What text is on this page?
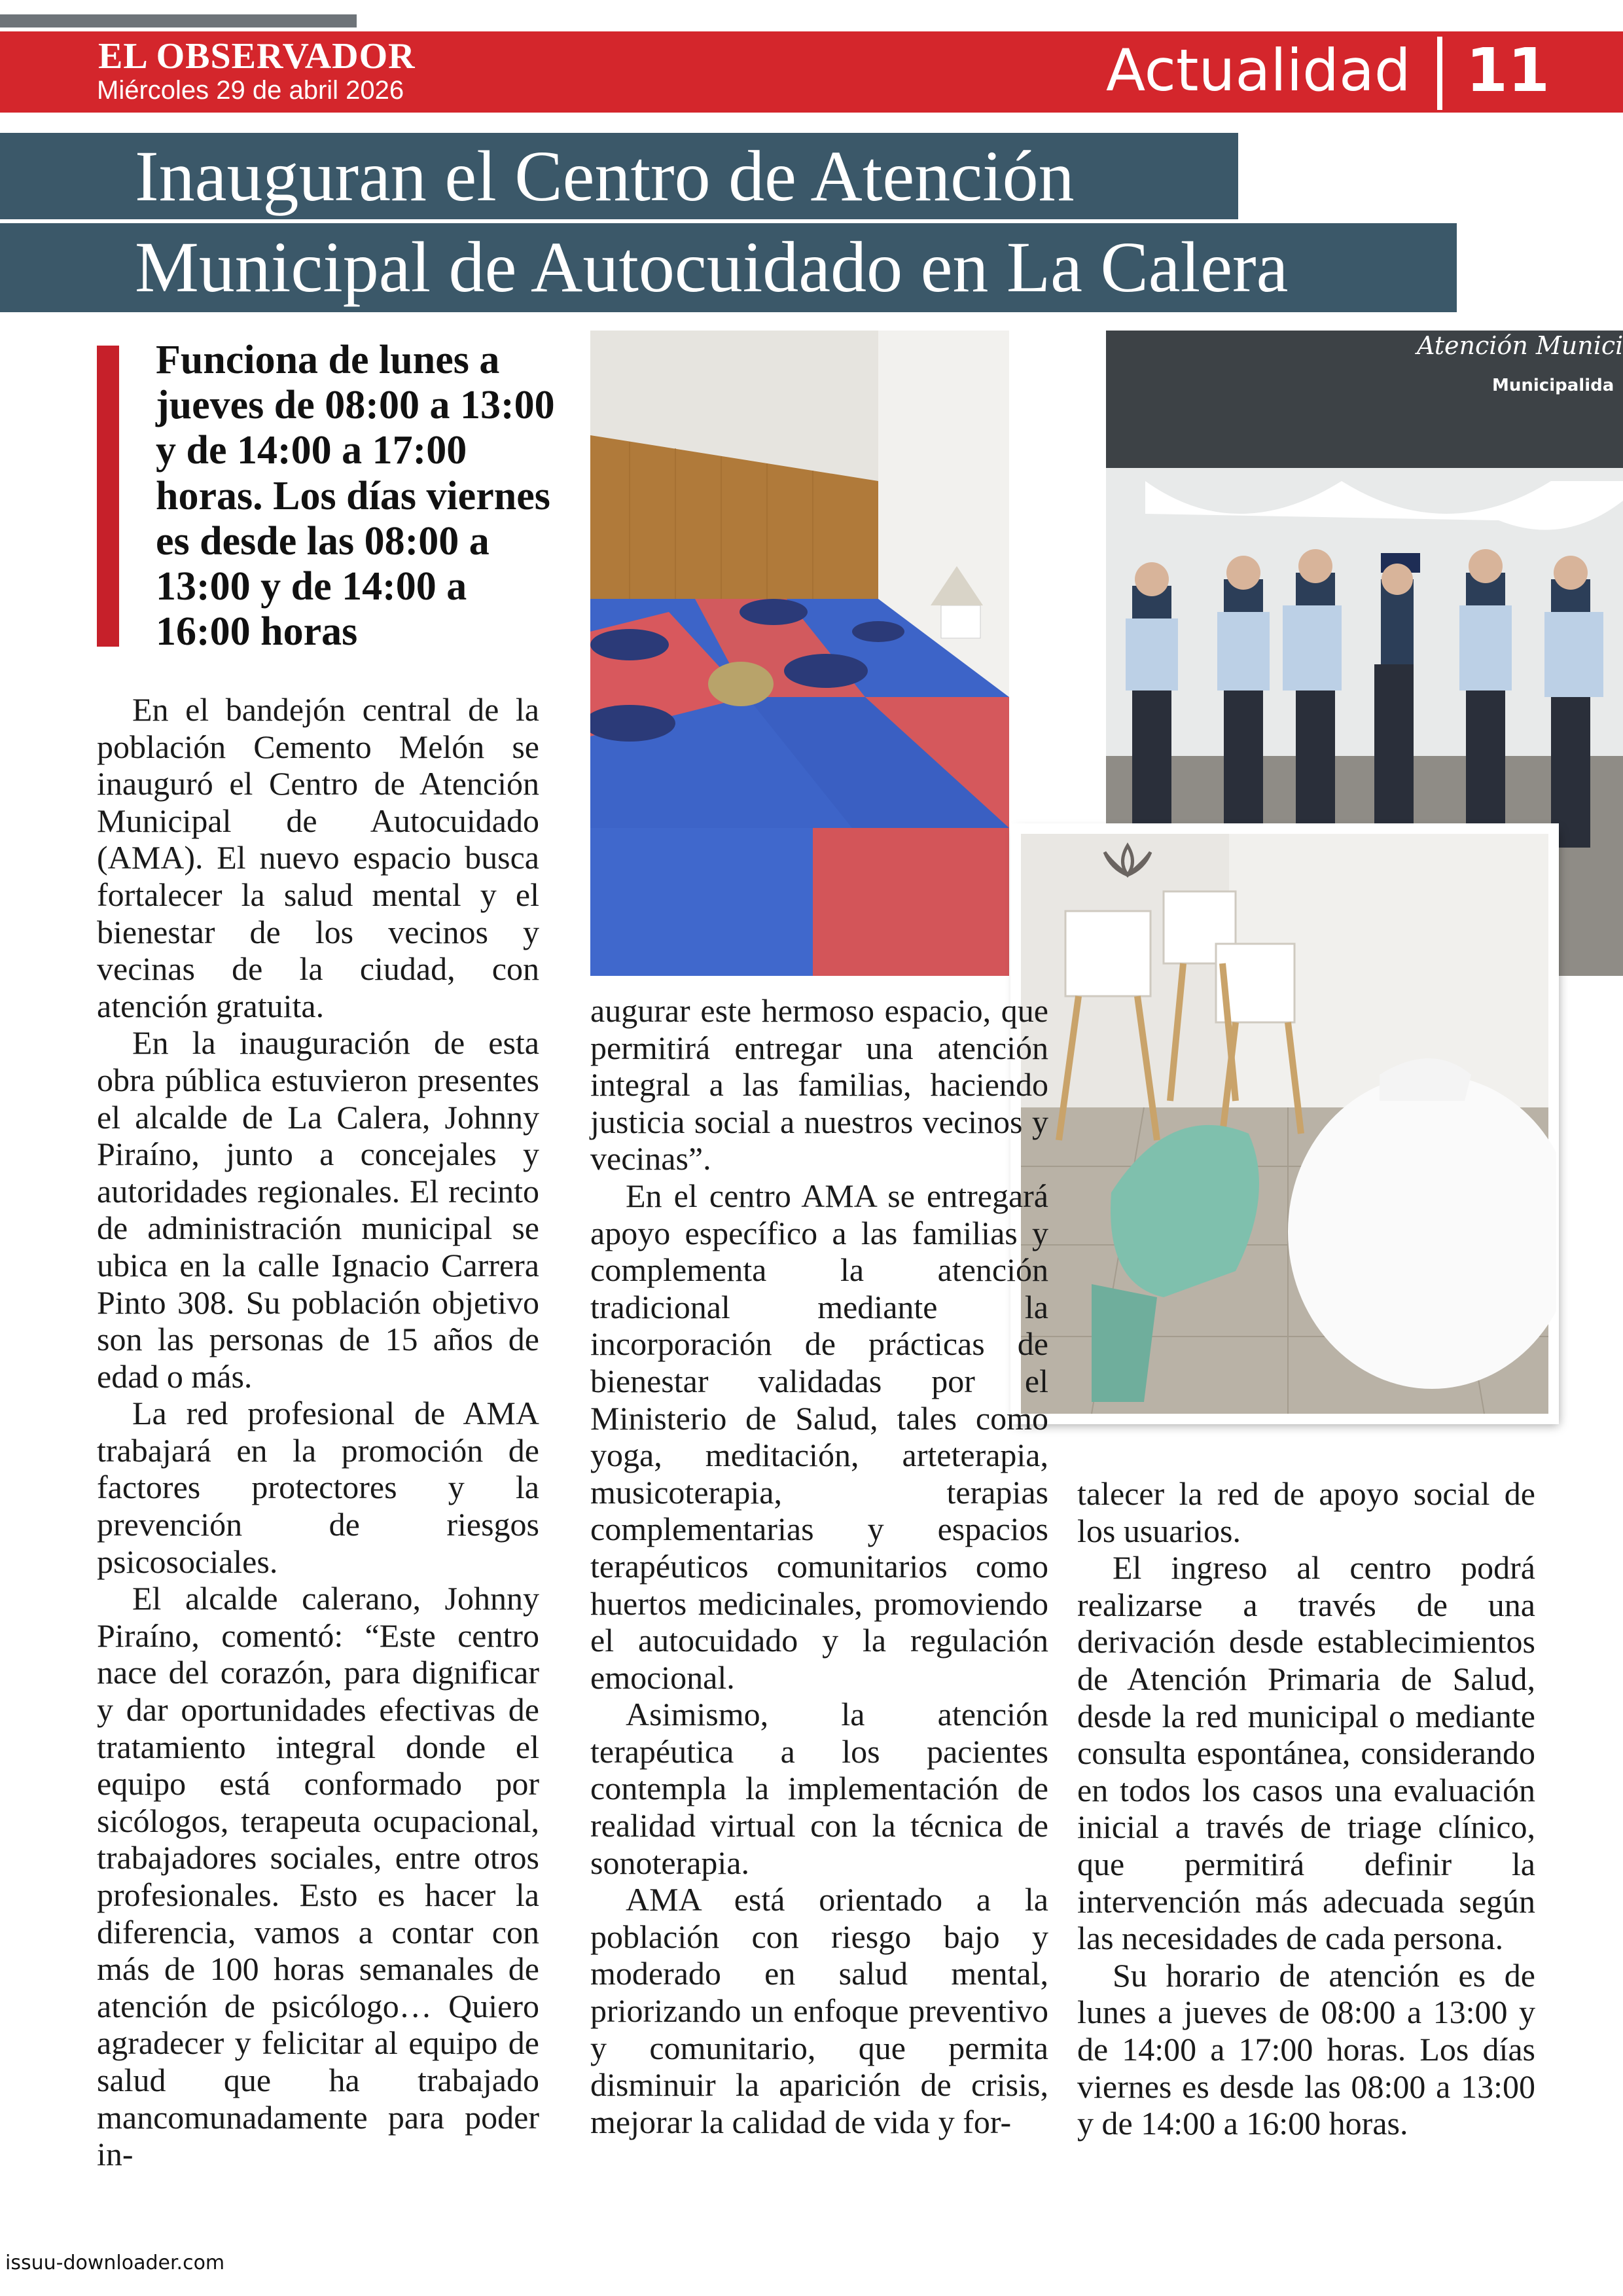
EL OBSERVADOR
Miércoles 29 de abril 2026	Actualidad 11
Inauguran el Centro de Atención
Municipal de Autocuidado en La Calera
Funciona de lunes a jueves de 08:00 a 13:00 y de 14:00 a 17:00 horas. Los días viernes es desde las 08:00 a 13:00 y de 14:00 a 16:00 horas
Atención Munici
Municipalida

En el bandejón central de la población Cemento Melón se inauguró el Centro de Atención Municipal de Autocuidado (AMA). El nuevo espacio busca fortalecer la salud mental y el bienestar de los vecinos y vecinas de la ciudad, con atención gratuita.

En la inauguración de esta obra pública estuvieron presentes el alcalde de La Calera, Johnny Piraíno, junto a concejales y autoridades regionales. El recinto de administración municipal se ubica en la calle Ignacio Carrera Pinto 308. Su población objetivo son las personas de 15 años de edad o más.

La red profesional de AMA trabajará en la promoción de factores protectores y la prevención de riesgos psicosociales.

El alcalde calerano, Johnny Piraíno, comentó: “Este centro nace del corazón, para dignificar y dar oportunidades efectivas de tratamiento integral donde el equipo está conformado por sicólogos, terapeuta ocupacional, trabajadores sociales, entre otros profesionales. Esto es hacer la diferencia, vamos a contar con más de 100 horas semanales de atención de psicólogo… Quiero agradecer y felicitar al equipo de salud que ha trabajado mancomunadamente para poder in-

augurar este hermoso espacio, que permitirá entregar una atención integral a las familias, haciendo justicia social a nuestros vecinos y vecinas”.

En el centro AMA se entregará apoyo específico a las familias y complementa la atención tradicional mediante la incorporación de prácticas de bienestar validadas por el Ministerio de Salud, tales como yoga, meditación, arteterapia, musicoterapia, terapias complementarias y espacios terapéuticos comunitarios como huertos medicinales, promoviendo el autocuidado y la regulación emocional.

Asimismo, la atención terapéutica a los pacientes contempla la implementación de realidad virtual con la técnica de sonoterapia.

AMA está orientado a la población con riesgo bajo y moderado en salud mental, priorizando un enfoque preventivo y comunitario, que permita disminuir la aparición de crisis, mejorar la calidad de vida y for-

talecer la red de apoyo social de los usuarios.

El ingreso al centro podrá realizarse a través de una derivación desde establecimientos de Atención Primaria de Salud, desde la red municipal o mediante consulta espontánea, considerando en todos los casos una evaluación inicial a través de triage clínico, que permitirá definir la intervención más adecuada según las necesidades de cada persona.

Su horario de atención es de lunes a jueves de 08:00 a 13:00 y de 14:00 a 17:00 horas. Los días viernes es desde las 08:00 a 13:00 y de 14:00 a 16:00 horas.

issuu-downloader.com
